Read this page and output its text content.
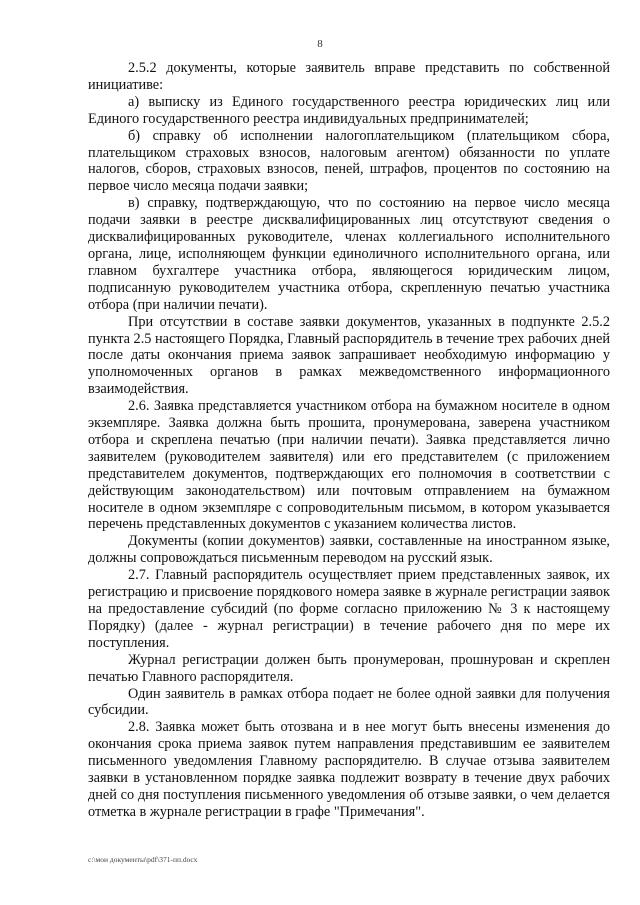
8

2.5.2 документы, которые заявитель вправе представить по собственной инициативе:

а) выписку из Единого государственного реестра юридических лиц или Единого государственного реестра индивидуальных предпринимателей;

б) справку об исполнении налогоплательщиком (плательщиком сбора, плательщиком страховых взносов, налоговым агентом) обязанности по уплате налогов, сборов, страховых взносов, пеней, штрафов, процентов по состоянию на первое число месяца подачи заявки;

в) справку, подтверждающую, что по состоянию на первое число месяца подачи заявки в реестре дисквалифицированных лиц отсутствуют сведения о дисквалифицированных руководителе, членах коллегиального исполнительного органа, лице, исполняющем функции единоличного исполнительного органа, или главном бухгалтере участника отбора, являющегося юридическим лицом, подписанную руководителем участника отбора, скрепленную печатью участника отбора (при наличии печати).

При отсутствии в составе заявки документов, указанных в подпункте 2.5.2 пункта 2.5 настоящего Порядка, Главный распорядитель в течение трех рабочих дней после даты окончания приема заявок запрашивает необходимую информацию у уполномоченных органов в рамках межведомственного информационного взаимодействия.

2.6. Заявка представляется участником отбора на бумажном носителе в одном экземпляре. Заявка должна быть прошита, пронумерована, заверена участником отбора и скреплена печатью (при наличии печати). Заявка представляется лично заявителем (руководителем заявителя) или его представителем (с приложением представителем документов, подтверждающих его полномочия в соответствии с действующим законодательством) или почтовым отправлением на бумажном носителе в одном экземпляре с сопроводительным письмом, в котором указывается перечень представленных документов с указанием количества листов.

Документы (копии документов) заявки, составленные на иностранном языке, должны сопровождаться письменным переводом на русский язык.

2.7. Главный распорядитель осуществляет прием представленных заявок, их регистрацию и присвоение порядкового номера заявке в журнале регистрации заявок на предоставление субсидий (по форме согласно приложению № 3 к настоящему Порядку) (далее - журнал регистрации) в течение рабочего дня по мере их поступления.

Журнал регистрации должен быть пронумерован, прошнурован и скреплен печатью Главного распорядителя.

Один заявитель в рамках отбора подает не более одной заявки для получения субсидии.

2.8. Заявка может быть отозвана и в нее могут быть внесены изменения до окончания срока приема заявок путем направления представившим ее заявителем письменного уведомления Главному распорядителю. В случае отзыва заявителем заявки в установленном порядке заявка подлежит возврату в течение двух рабочих дней со дня поступления письменного уведомления об отзыве заявки, о чем делается отметка в журнале регистрации в графе "Примечания".

c:\мои документы\pdf\371-пп.docx
